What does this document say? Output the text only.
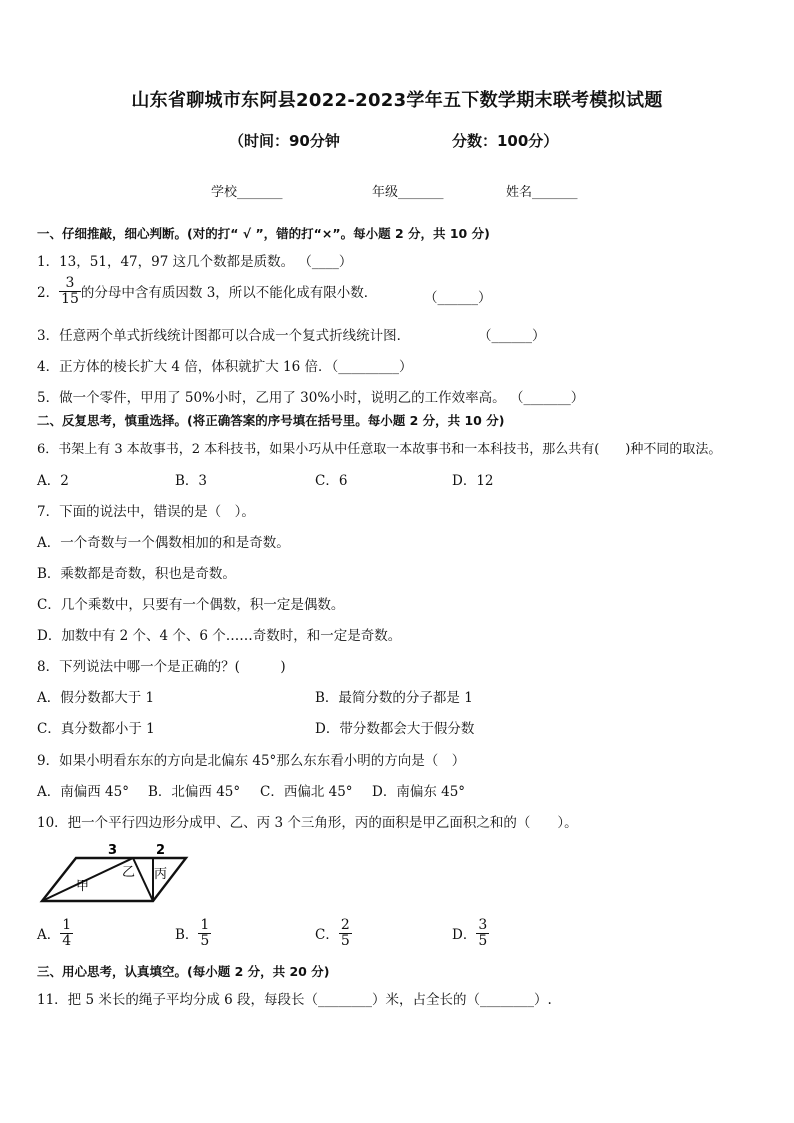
山东省聊城市东阿县2022-2023学年五下数学期末联考模拟试题
（时间：90分钟	分数：100分）
学校_______	年级_______	姓名_______
一、仔细推敲，细心判断。(对的打“ √ ”，错的打“×”。每小题 2 分，共 10 分)
1．13，51，47，97 这几个数都是质数。 （____）
2． $\frac{3}{15}$ 的分母中含有质因数 3，所以不能化成有限小数．	（______）
3．任意两个单式折线统计图都可以合成一个复式折线统计图．	（______）
4．正方体的棱长扩大 4 倍，体积就扩大 16 倍．（_________）
5．做一个零件，甲用了 50%小时，乙用了 30%小时，说明乙的工作效率高。 （_______）
二、反复思考，慎重选择。(将正确答案的序号填在括号里。每小题 2 分，共 10 分)
6．书架上有 3 本故事书，2 本科技书，如果小巧从中任意取一本故事书和一本科技书，那么共有(　　)种不同的取法。
A．2	B．3	C．6	D．12
7．下面的说法中，错误的是（　）。
A．一个奇数与一个偶数相加的和是奇数。
B．乘数都是奇数，积也是奇数。
C．几个乘数中，只要有一个偶数，积一定是偶数。
D．加数中有 2 个、4 个、6 个……奇数时，和一定是奇数。
8．下列说法中哪一个是正确的？(　　　)
A．假分数都大于 1	B．最简分数的分子都是 1
C．真分数都小于 1	D．带分数都会大于假分数
9．如果小明看东东的方向是北偏东 45°那么东东看小明的方向是（　）
A．南偏西 45° B．北偏西 45° C．西偏北 45° D．南偏东 45°
10．把一个平行四边形分成甲、乙、丙 3 个三角形，丙的面积是甲乙面积之和的（　　）。
3	2
甲
乙 丙
A． $\frac{1}{4}$	B． $\frac{1}{5}$	C． $\frac{2}{5}$	D． $\frac{3}{5}$
三、用心思考，认真填空。(每小题 2 分，共 20 分)
11．把 5 米长的绳子平均分成 6 段，每段长（________）米，占全长的（________）.
